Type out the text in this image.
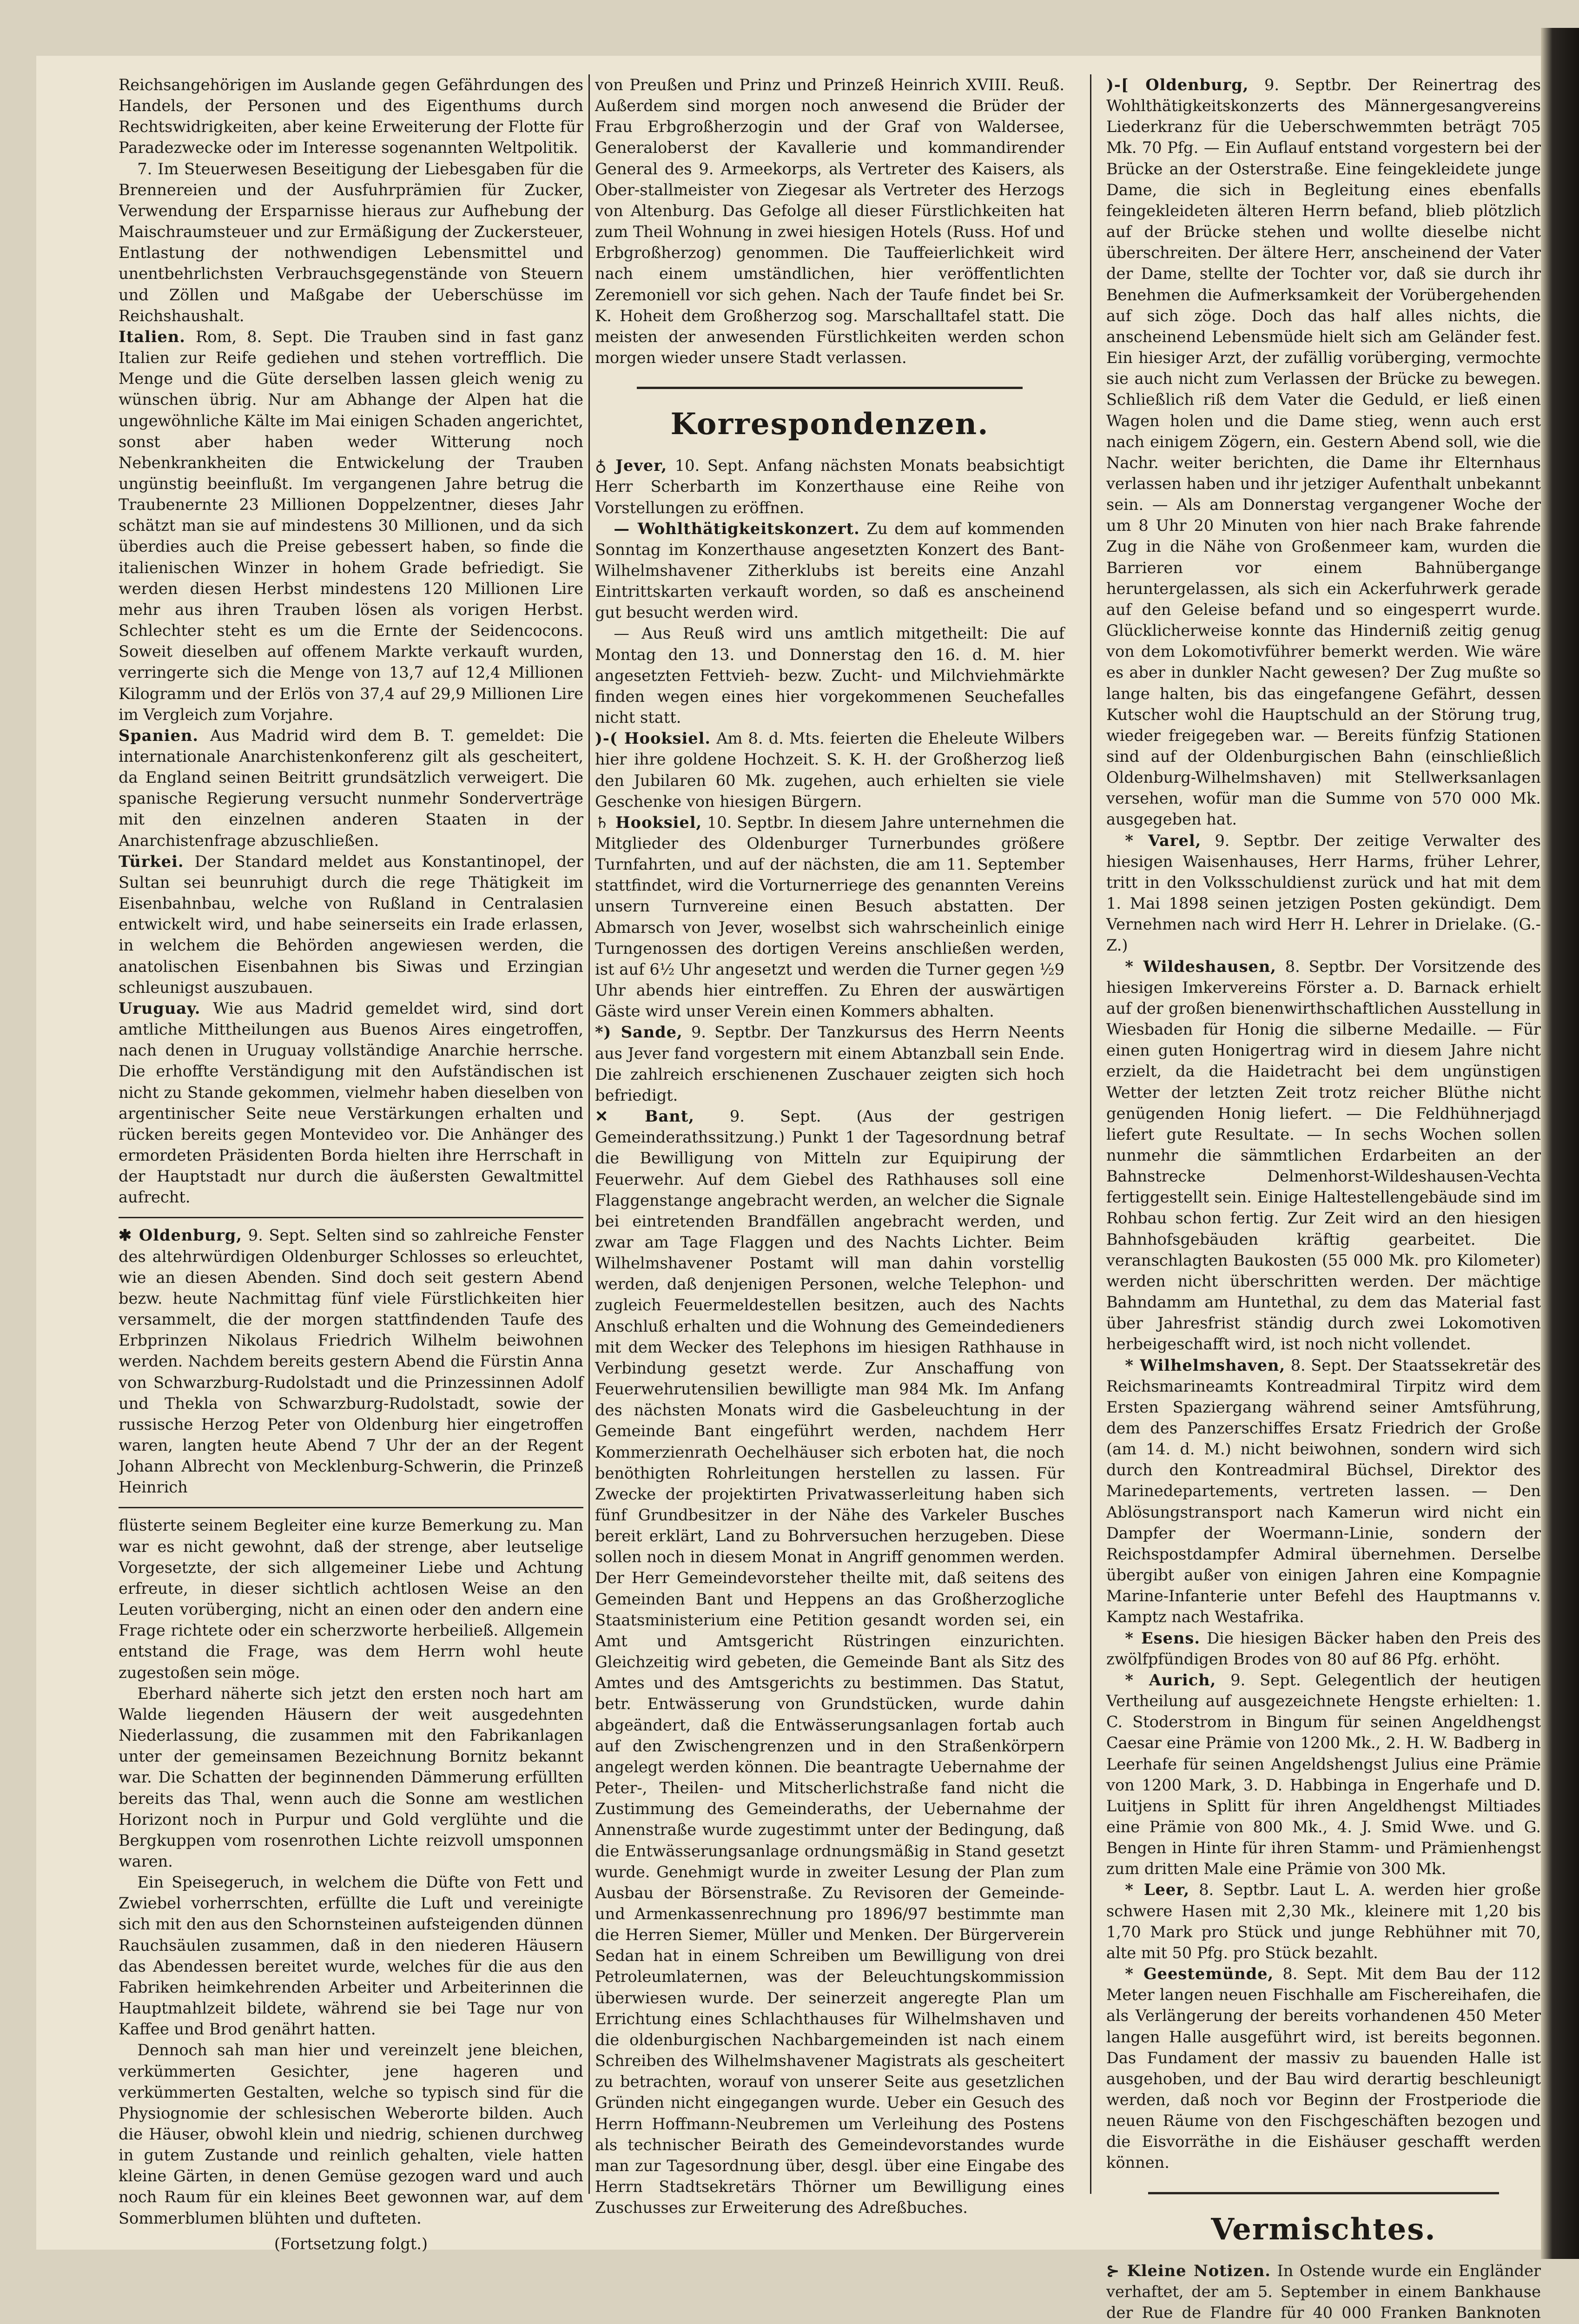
Reichsangehörigen im Auslande gegen Gefährdungen des Handels, der Personen und des Eigenthums durch Rechtswidrigkeiten, aber keine Erweiterung der Flotte für Paradezwecke oder im Interesse sogenannten Weltpolitik.

7. Im Steuerwesen Beseitigung der Liebesgaben für die Brennereien und der Ausfuhrprämien für Zucker, Verwendung der Ersparnisse hieraus zur Aufhebung der Maischraumsteuer und zur Ermäßigung der Zuckersteuer, Entlastung der nothwendigen Lebensmittel und unentbehrlichsten Verbrauchsgegenstände von Steuern und Zöllen und Maßgabe der Ueberschüsse im Reichshaushalt.

Italien. Rom, 8. Sept. Die Trauben sind in fast ganz Italien zur Reife gediehen und stehen vortrefflich. Die Menge und die Güte derselben lassen gleich wenig zu wünschen übrig. Nur am Abhange der Alpen hat die ungewöhnliche Kälte im Mai einigen Schaden angerichtet, sonst aber haben weder Witterung noch Nebenkrankheiten die Entwickelung der Trauben ungünstig beeinflußt. Im vergangenen Jahre betrug die Traubenernte 23 Millionen Doppelzentner, dieses Jahr schätzt man sie auf mindestens 30 Millionen, und da sich überdies auch die Preise gebessert haben, so finde die italienischen Winzer in hohem Grade befriedigt. Sie werden diesen Herbst mindestens 120 Millionen Lire mehr aus ihren Trauben lösen als vorigen Herbst. Schlechter steht es um die Ernte der Seidencocons. Soweit dieselben auf offenem Markte verkauft wurden, verringerte sich die Menge von 13,7 auf 12,4 Millionen Kilogramm und der Erlös von 37,4 auf 29,9 Millionen Lire im Vergleich zum Vorjahre.

Spanien. Aus Madrid wird dem B. T. gemeldet: Die internationale Anarchistenkonferenz gilt als gescheitert, da England seinen Beitritt grundsätzlich verweigert. Die spanische Regierung versucht nunmehr Sonderverträge mit den einzelnen anderen Staaten in der Anarchistenfrage abzuschließen.

Türkei. Der Standard meldet aus Konstantinopel, der Sultan sei beunruhigt durch die rege Thätigkeit im Eisenbahnbau, welche von Rußland in Centralasien entwickelt wird, und habe seinerseits ein Irade erlassen, in welchem die Behörden angewiesen werden, die anatolischen Eisenbahnen bis Siwas und Erzingian schleunigst auszubauen.

Uruguay. Wie aus Madrid gemeldet wird, sind dort amtliche Mittheilungen aus Buenos Aires eingetroffen, nach denen in Uruguay vollständige Anarchie herrsche. Die erhoffte Verständigung mit den Aufständischen ist nicht zu Stande gekommen, vielmehr haben dieselben von argentinischer Seite neue Verstärkungen erhalten und rücken bereits gegen Montevideo vor. Die Anhänger des ermordeten Präsidenten Borda hielten ihre Herrschaft in der Hauptstadt nur durch die äußersten Gewaltmittel aufrecht.

✱ Oldenburg, 9. Sept. Selten sind so zahlreiche Fenster des altehrwürdigen Oldenburger Schlosses so erleuchtet, wie an diesen Abenden. Sind doch seit gestern Abend bezw. heute Nachmittag fünf viele Fürstlichkeiten hier versammelt, die der morgen stattfindenden Taufe des Erbprinzen Nikolaus Friedrich Wilhelm beiwohnen werden. Nachdem bereits gestern Abend die Fürstin Anna von Schwarzburg-Rudolstadt und die Prinzessinnen Adolf und Thekla von Schwarzburg-Rudolstadt, sowie der russische Herzog Peter von Oldenburg hier eingetroffen waren, langten heute Abend 7 Uhr der an der Regent Johann Albrecht von Mecklenburg-Schwerin, die Prinzeß Heinrich

flüsterte seinem Begleiter eine kurze Bemerkung zu. Man war es nicht gewohnt, daß der strenge, aber leutselige Vorgesetzte, der sich allgemeiner Liebe und Achtung erfreute, in dieser sichtlich achtlosen Weise an den Leuten vorüberging, nicht an einen oder den andern eine Frage richtete oder ein scherzworte herbeiließ. Allgemein entstand die Frage, was dem Herrn wohl heute zugestoßen sein möge.

Eberhard näherte sich jetzt den ersten noch hart am Walde liegenden Häusern der weit ausgedehnten Niederlassung, die zusammen mit den Fabrikanlagen unter der gemeinsamen Bezeichnung Bornitz bekannt war. Die Schatten der beginnenden Dämmerung erfüllten bereits das Thal, wenn auch die Sonne am westlichen Horizont noch in Purpur und Gold verglühte und die Bergkuppen vom rosenrothen Lichte reizvoll umsponnen waren.

Ein Speisegeruch, in welchem die Düfte von Fett und Zwiebel vorherrschten, erfüllte die Luft und vereinigte sich mit den aus den Schornsteinen aufsteigenden dünnen Rauchsäulen zusammen, daß in den niederen Häusern das Abendessen bereitet wurde, welches für die aus den Fabriken heimkehrenden Arbeiter und Arbeiterinnen die Hauptmahlzeit bildete, während sie bei Tage nur von Kaffee und Brod genährt hatten.

Dennoch sah man hier und vereinzelt jene bleichen, verkümmerten Gesichter, jene hageren und verkümmerten Gestalten, welche so typisch sind für die Physiognomie der schlesischen Weberorte bilden. Auch die Häuser, obwohl klein und niedrig, schienen durchweg in gutem Zustande und reinlich gehalten, viele hatten kleine Gärten, in denen Gemüse gezogen ward und auch noch Raum für ein kleines Beet gewonnen war, auf dem Sommerblumen blühten und dufteten.

(Fortsetzung folgt.)

von Preußen und Prinz und Prinzeß Heinrich XVIII. Reuß. Außerdem sind morgen noch anwesend die Brüder der Frau Erbgroßherzogin und der Graf von Waldersee, Generaloberst der Kavallerie und kommandirender General des 9. Armeekorps, als Vertreter des Kaisers, als Ober-stallmeister von Ziegesar als Vertreter des Herzogs von Altenburg. Das Gefolge all dieser Fürstlichkeiten hat zum Theil Wohnung in zwei hiesigen Hotels (Russ. Hof und Erbgroßherzog) genommen. Die Tauffeierlichkeit wird nach einem umständlichen, hier veröffentlichten Zeremoniell vor sich gehen. Nach der Taufe findet bei Sr. K. Hoheit dem Großherzog sog. Marschalltafel statt. Die meisten der anwesenden Fürstlichkeiten werden schon morgen wieder unsere Stadt verlassen.

Korrespondenzen.

♁ Jever, 10. Sept. Anfang nächsten Monats beabsichtigt Herr Scherbarth im Konzerthause eine Reihe von Vorstellungen zu eröffnen.

— Wohlthätigkeitskonzert. Zu dem auf kommenden Sonntag im Konzerthause angesetzten Konzert des Bant-Wilhelmshavener Zitherklubs ist bereits eine Anzahl Eintrittskarten verkauft worden, so daß es anscheinend gut besucht werden wird.

— Aus Reuß wird uns amtlich mitgetheilt: Die auf Montag den 13. und Donnerstag den 16. d. M. hier angesetzten Fettvieh- bezw. Zucht- und Milchviehmärkte finden wegen eines hier vorgekommenen Seuchefalles nicht statt.

)-( Hooksiel. Am 8. d. Mts. feierten die Eheleute Wilbers hier ihre goldene Hochzeit. S. K. H. der Großherzog ließ den Jubilaren 60 Mk. zugehen, auch erhielten sie viele Geschenke von hiesigen Bürgern.

♄ Hooksiel, 10. Septbr. In diesem Jahre unternehmen die Mitglieder des Oldenburger Turnerbundes größere Turnfahrten, und auf der nächsten, die am 11. September stattfindet, wird die Vorturnerriege des genannten Vereins unsern Turnvereine einen Besuch abstatten. Der Abmarsch von Jever, woselbst sich wahrscheinlich einige Turngenossen des dortigen Vereins anschließen werden, ist auf 6½ Uhr angesetzt und werden die Turner gegen ½9 Uhr abends hier eintreffen. Zu Ehren der auswärtigen Gäste wird unser Verein einen Kommers abhalten.

*) Sande, 9. Septbr. Der Tanzkursus des Herrn Neents aus Jever fand vorgestern mit einem Abtanzball sein Ende. Die zahlreich erschienenen Zuschauer zeigten sich hoch befriedigt.

✕ Bant, 9. Sept. (Aus der gestrigen Gemeinderathssitzung.) Punkt 1 der Tagesordnung betraf die Bewilligung von Mitteln zur Equipirung der Feuerwehr. Auf dem Giebel des Rathhauses soll eine Flaggenstange angebracht werden, an welcher die Signale bei eintretenden Brandfällen angebracht werden, und zwar am Tage Flaggen und des Nachts Lichter. Beim Wilhelmshavener Postamt will man dahin vorstellig werden, daß denjenigen Personen, welche Telephon- und zugleich Feuermeldestellen besitzen, auch des Nachts Anschluß erhalten und die Wohnung des Gemeindedieners mit dem Wecker des Telephons im hiesigen Rathhause in Verbindung gesetzt werde. Zur Anschaffung von Feuerwehrutensilien bewilligte man 984 Mk. Im Anfang des nächsten Monats wird die Gasbeleuchtung in der Gemeinde Bant eingeführt werden, nachdem Herr Kommerzienrath Oechelhäuser sich erboten hat, die noch benöthigten Rohrleitungen herstellen zu lassen. Für Zwecke der projektirten Privatwasserleitung haben sich fünf Grundbesitzer in der Nähe des Varkeler Busches bereit erklärt, Land zu Bohrversuchen herzugeben. Diese sollen noch in diesem Monat in Angriff genommen werden. Der Herr Gemeindevorsteher theilte mit, daß seitens des Gemeinden Bant und Heppens an das Großherzogliche Staatsministerium eine Petition gesandt worden sei, ein Amt und Amtsgericht Rüstringen einzurichten. Gleichzeitig wird gebeten, die Gemeinde Bant als Sitz des Amtes und des Amtsgerichts zu bestimmen. Das Statut, betr. Entwässerung von Grundstücken, wurde dahin abgeändert, daß die Entwässerungsanlagen fortab auch auf den Zwischengrenzen und in den Straßenkörpern angelegt werden können. Die beantragte Uebernahme der Peter-, Theilen- und Mitscherlichstraße fand nicht die Zustimmung des Gemeinderaths, der Uebernahme der Annenstraße wurde zugestimmt unter der Bedingung, daß die Entwässerungsanlage ordnungsmäßig in Stand gesetzt wurde. Genehmigt wurde in zweiter Lesung der Plan zum Ausbau der Börsenstraße. Zu Revisoren der Gemeinde- und Armenkassenrechnung pro 1896/97 bestimmte man die Herren Siemer, Müller und Menken. Der Bürgerverein Sedan hat in einem Schreiben um Bewilligung von drei Petroleumlaternen, was der Beleuchtungskommission überwiesen wurde. Der seinerzeit angeregte Plan um Errichtung eines Schlachthauses für Wilhelmshaven und die oldenburgischen Nachbargemeinden ist nach einem Schreiben des Wilhelmshavener Magistrats als gescheitert zu betrachten, worauf von unserer Seite aus gesetzlichen Gründen nicht eingegangen wurde. Ueber ein Gesuch des Herrn Hoffmann-Neubremen um Verleihung des Postens als technischer Beirath des Gemeindevorstandes wurde man zur Tagesordnung über, desgl. über eine Eingabe des Herrn Stadtsekretärs Thörner um Bewilligung eines Zuschusses zur Erweiterung des Adreßbuches.

)-[ Oldenburg, 9. Septbr. Der Reinertrag des Wohlthätigkeitskonzerts des Männergesangvereins Liederkranz für die Ueberschwemmten beträgt 705 Mk. 70 Pfg. — Ein Auflauf entstand vorgestern bei der Brücke an der Osterstraße. Eine feingekleidete junge Dame, die sich in Begleitung eines ebenfalls feingekleideten älteren Herrn befand, blieb plötzlich auf der Brücke stehen und wollte dieselbe nicht überschreiten. Der ältere Herr, anscheinend der Vater der Dame, stellte der Tochter vor, daß sie durch ihr Benehmen die Aufmerksamkeit der Vorübergehenden auf sich zöge. Doch das half alles nichts, die anscheinend Lebensmüde hielt sich am Geländer fest. Ein hiesiger Arzt, der zufällig vorüberging, vermochte sie auch nicht zum Verlassen der Brücke zu bewegen. Schließlich riß dem Vater die Geduld, er ließ einen Wagen holen und die Dame stieg, wenn auch erst nach einigem Zögern, ein. Gestern Abend soll, wie die Nachr. weiter berichten, die Dame ihr Elternhaus verlassen haben und ihr jetziger Aufenthalt unbekannt sein. — Als am Donnerstag vergangener Woche der um 8 Uhr 20 Minuten von hier nach Brake fahrende Zug in die Nähe von Großenmeer kam, wurden die Barrieren vor einem Bahnübergange heruntergelassen, als sich ein Ackerfuhrwerk gerade auf den Geleise befand und so eingesperrt wurde. Glücklicherweise konnte das Hinderniß zeitig genug von dem Lokomotivführer bemerkt werden. Wie wäre es aber in dunkler Nacht gewesen? Der Zug mußte so lange halten, bis das eingefangene Gefährt, dessen Kutscher wohl die Hauptschuld an der Störung trug, wieder freigegeben war. — Bereits fünfzig Stationen sind auf der Oldenburgischen Bahn (einschließlich Oldenburg-Wilhelmshaven) mit Stellwerksanlagen versehen, wofür man die Summe von 570 000 Mk. ausgegeben hat.

* Varel, 9. Septbr. Der zeitige Verwalter des hiesigen Waisenhauses, Herr Harms, früher Lehrer, tritt in den Volksschuldienst zurück und hat mit dem 1. Mai 1898 seinen jetzigen Posten gekündigt. Dem Vernehmen nach wird Herr H. Lehrer in Drielake. (G.-Z.)

* Wildeshausen, 8. Septbr. Der Vorsitzende des hiesigen Imkervereins Förster a. D. Barnack erhielt auf der großen bienenwirthschaftlichen Ausstellung in Wiesbaden für Honig die silberne Medaille. — Für einen guten Honigertrag wird in diesem Jahre nicht erzielt, da die Haidetracht bei dem ungünstigen Wetter der letzten Zeit trotz reicher Blüthe nicht genügenden Honig liefert. — Die Feldhühnerjagd liefert gute Resultate. — In sechs Wochen sollen nunmehr die sämmtlichen Erdarbeiten an der Bahnstrecke Delmenhorst-Wildeshausen-Vechta fertiggestellt sein. Einige Haltestellengebäude sind im Rohbau schon fertig. Zur Zeit wird an den hiesigen Bahnhofsgebäuden kräftig gearbeitet. Die veranschlagten Baukosten (55 000 Mk. pro Kilometer) werden nicht überschritten werden. Der mächtige Bahndamm am Huntethal, zu dem das Material fast über Jahresfrist ständig durch zwei Lokomotiven herbeigeschafft wird, ist noch nicht vollendet.

* Wilhelmshaven, 8. Sept. Der Staatssekretär des Reichsmarineamts Kontreadmiral Tirpitz wird dem Ersten Spaziergang während seiner Amtsführung, dem des Panzerschiffes Ersatz Friedrich der Große (am 14. d. M.) nicht beiwohnen, sondern wird sich durch den Kontreadmiral Büchsel, Direktor des Marinedepartements, vertreten lassen. — Den Ablösungstransport nach Kamerun wird nicht ein Dampfer der Woermann-Linie, sondern der Reichspostdampfer Admiral übernehmen. Derselbe übergibt außer von einigen Jahren eine Kompagnie Marine-Infanterie unter Befehl des Hauptmanns v. Kamptz nach Westafrika.

* Esens. Die hiesigen Bäcker haben den Preis des zwölfpfündigen Brodes von 80 auf 86 Pfg. erhöht.

* Aurich, 9. Sept. Gelegentlich der heutigen Vertheilung auf ausgezeichnete Hengste erhielten: 1. C. Stoderstrom in Bingum für seinen Angeldhengst Caesar eine Prämie von 1200 Mk., 2. H. W. Badberg in Leerhafe für seinen Angeldshengst Julius eine Prämie von 1200 Mark, 3. D. Habbinga in Engerhafe und D. Luitjens in Splitt für ihren Angeldhengst Miltiades eine Prämie von 800 Mk., 4. J. Smid Wwe. und G. Bengen in Hinte für ihren Stamm- und Prämienhengst zum dritten Male eine Prämie von 300 Mk.

* Leer, 8. Septbr. Laut L. A. werden hier große schwere Hasen mit 2,30 Mk., kleinere mit 1,20 bis 1,70 Mark pro Stück und junge Rebhühner mit 70, alte mit 50 Pfg. pro Stück bezahlt.

* Geestemünde, 8. Sept. Mit dem Bau der 112 Meter langen neuen Fischhalle am Fischereihafen, die als Verlängerung der bereits vorhandenen 450 Meter langen Halle ausgeführt wird, ist bereits begonnen. Das Fundament der massiv zu bauenden Halle ist ausgehoben, und der Bau wird derartig beschleunigt werden, daß noch vor Beginn der Frostperiode die neuen Räume von den Fischgeschäften bezogen und die Eisvorräthe in die Eishäuser geschafft werden können.

Vermischtes.

⊱ Kleine Notizen. In Ostende wurde ein Engländer verhaftet, der am 5. September in einem Bankhause der Rue de Flandre für 40 000 Franken Banknoten
